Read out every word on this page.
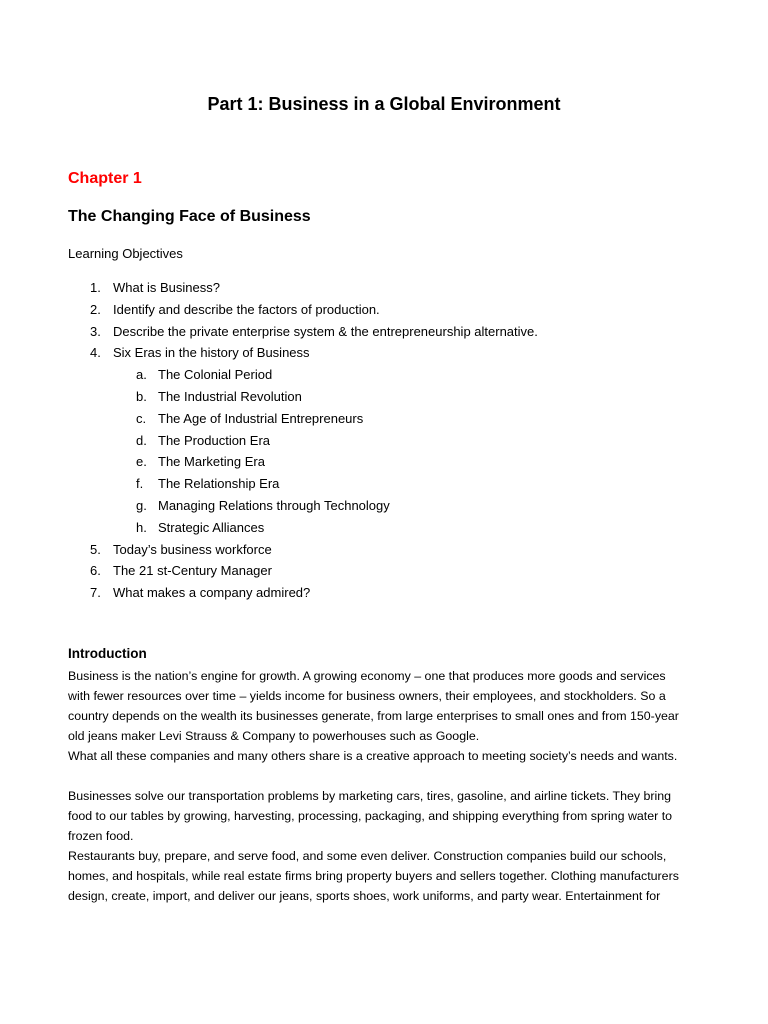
Part 1: Business in a Global Environment
Chapter 1
The Changing Face of Business
Learning Objectives
1. What is Business?
2. Identify and describe the factors of production.
3. Describe the private enterprise system & the entrepreneurship alternative.
4. Six Eras in the history of Business
a. The Colonial Period
b. The Industrial Revolution
c. The Age of Industrial Entrepreneurs
d. The Production Era
e. The Marketing Era
f. The Relationship Era
g. Managing Relations through Technology
h. Strategic Alliances
5. Today’s business workforce
6. The 21 st-Century Manager
7. What makes a company admired?
Introduction
Business is the nation’s engine for growth. A growing economy – one that produces more goods and services
with fewer resources over time – yields income for business owners, their employees, and stockholders. So a
country depends on the wealth its businesses generate, from large enterprises to small ones and from 150-year
old jeans maker Levi Strauss & Company to powerhouses such as Google.
What all these companies and many others share is a creative approach to meeting society’s needs and wants.
Businesses solve our transportation problems by marketing cars, tires, gasoline, and airline tickets. They bring
food to our tables by growing, harvesting, processing, packaging, and shipping everything from spring water to
frozen food.
Restaurants buy, prepare, and serve food, and some even deliver. Construction companies build our schools,
homes, and hospitals, while real estate firms bring property buyers and sellers together. Clothing manufacturers
design, create, import, and deliver our jeans, sports shoes, work uniforms, and party wear. Entertainment for
